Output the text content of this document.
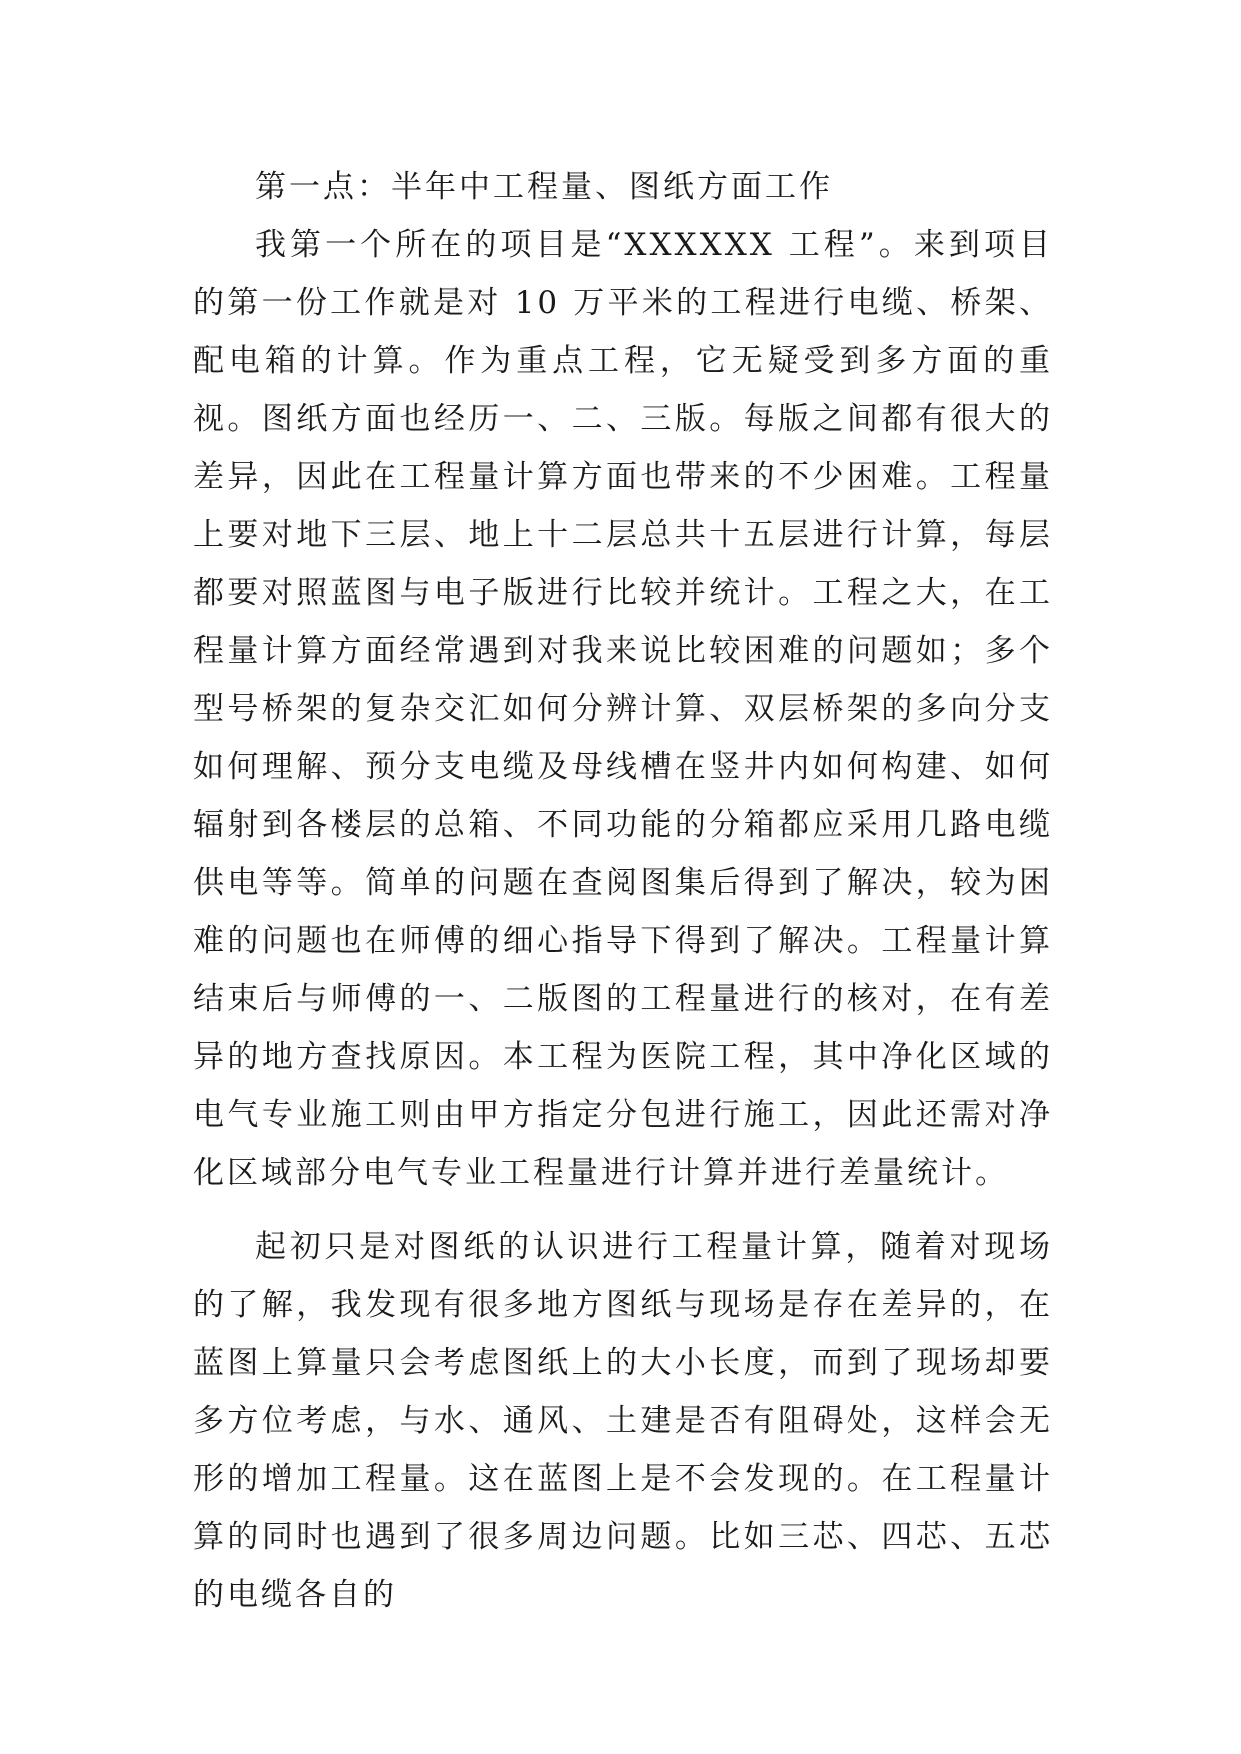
第一点：半年中工程量、图纸方面工作

我第一个所在的项目是“XXXXXX 工程”。来到项目的第一份工作就是对 10 万平米的工程进行电缆、桥架、配电箱的计算。作为重点工程，它无疑受到多方面的重视。图纸方面也经历一、二、三版。每版之间都有很大的差异，因此在工程量计算方面也带来的不少困难。工程量上要对地下三层、地上十二层总共十五层进行计算，每层都要对照蓝图与电子版进行比较并统计。工程之大，在工程量计算方面经常遇到对我来说比较困难的问题如；多个型号桥架的复杂交汇如何分辨计算、双层桥架的多向分支如何理解、预分支电缆及母线槽在竖井内如何构建、如何辐射到各楼层的总箱、不同功能的分箱都应采用几路电缆供电等等。简单的问题在查阅图集后得到了解决，较为困难的问题也在师傅的细心指导下得到了解决。工程量计算结束后与师傅的一、二版图的工程量进行的核对，在有差异的地方查找原因。本工程为医院工程，其中净化区域的电气专业施工则由甲方指定分包进行施工，因此还需对净化区域部分电气专业工程量进行计算并进行差量统计。

起初只是对图纸的认识进行工程量计算，随着对现场的了解，我发现有很多地方图纸与现场是存在差异的，在蓝图上算量只会考虑图纸上的大小长度，而到了现场却要多方位考虑，与水、通风、土建是否有阻碍处，这样会无形的增加工程量。这在蓝图上是不会发现的。在工程量计算的同时也遇到了很多周边问题。比如三芯、四芯、五芯的电缆各自的
